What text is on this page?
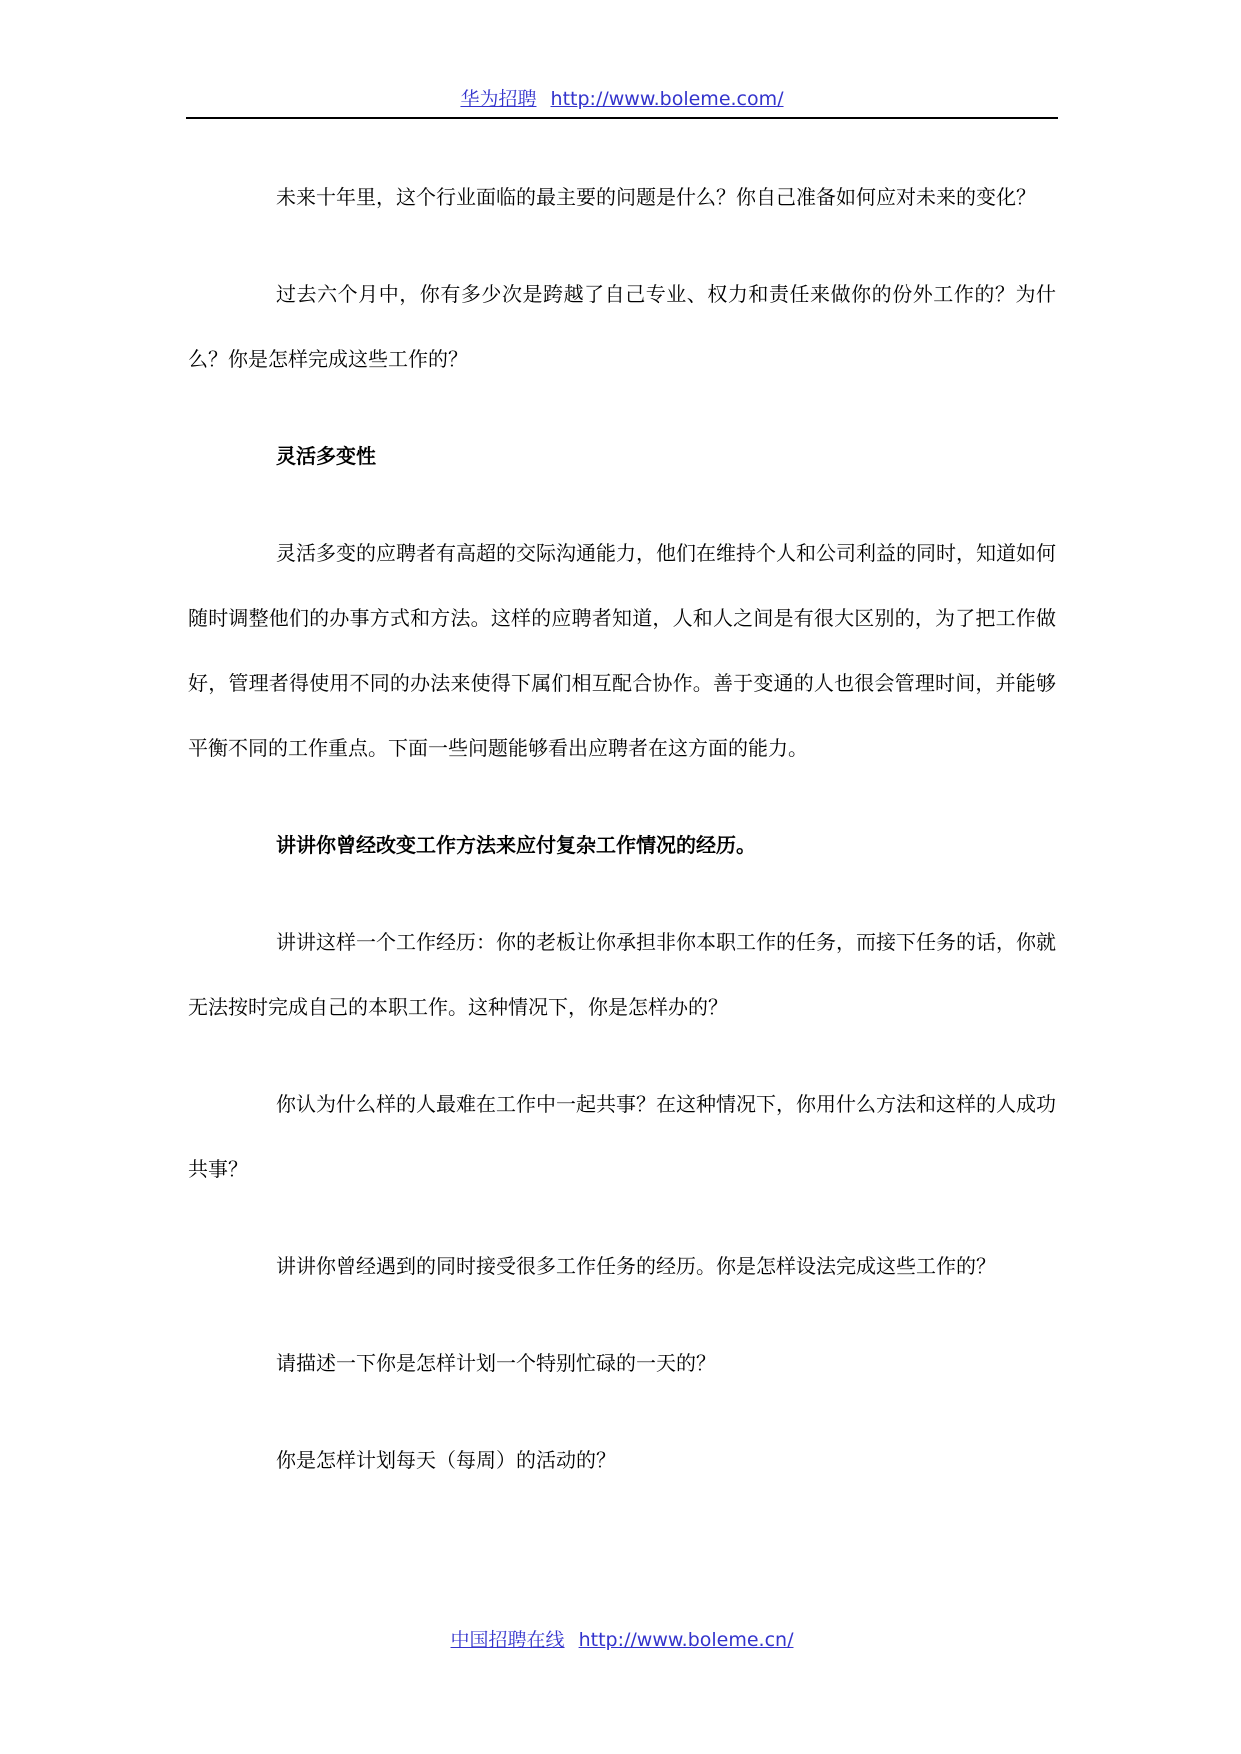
华为招聘 http://www.boleme.com/

未来十年里，这个行业面临的最主要的问题是什么？你自己准备如何应对未来的变化？

过去六个月中，你有多少次是跨越了自己专业、权力和责任来做你的份外工作的？为什么？你是怎样完成这些工作的？

灵活多变性

灵活多变的应聘者有高超的交际沟通能力，他们在维持个人和公司利益的同时，知道如何随时调整他们的办事方式和方法。这样的应聘者知道，人和人之间是有很大区别的，为了把工作做好，管理者得使用不同的办法来使得下属们相互配合协作。善于变通的人也很会管理时间，并能够平衡不同的工作重点。下面一些问题能够看出应聘者在这方面的能力。

讲讲你曾经改变工作方法来应付复杂工作情况的经历。

讲讲这样一个工作经历：你的老板让你承担非你本职工作的任务，而接下任务的话，你就无法按时完成自己的本职工作。这种情况下，你是怎样办的？

你认为什么样的人最难在工作中一起共事？在这种情况下，你用什么方法和这样的人成功共事？

讲讲你曾经遇到的同时接受很多工作任务的经历。你是怎样设法完成这些工作的？

请描述一下你是怎样计划一个特别忙碌的一天的？

你是怎样计划每天（每周）的活动的？

中国招聘在线 http://www.boleme.cn/
